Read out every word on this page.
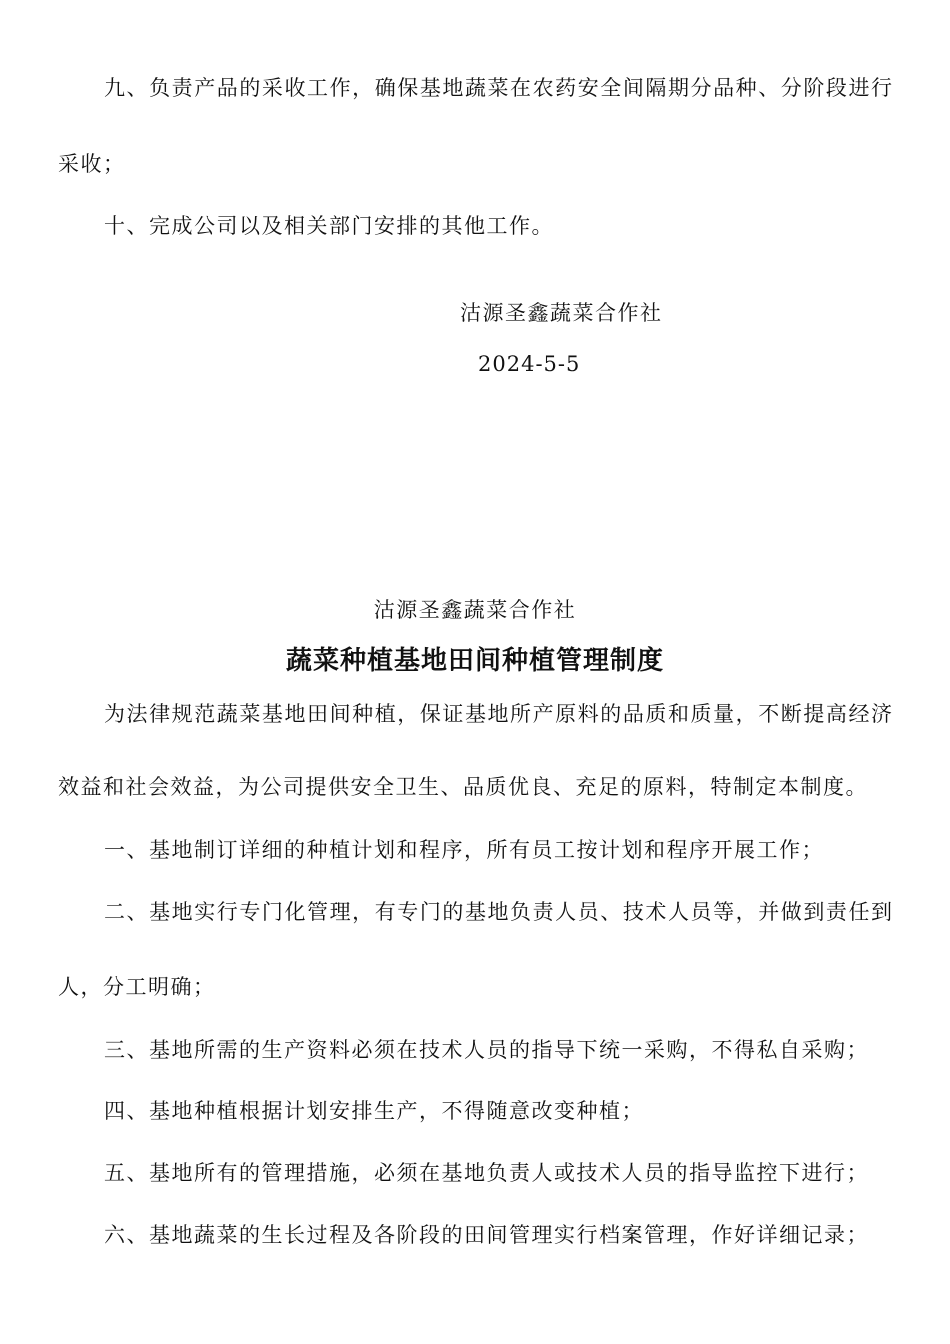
九、负责产品的采收工作，确保基地蔬菜在农药安全间隔期分品种、分阶段进行
采收；
十、完成公司以及相关部门安排的其他工作。
沽源圣鑫蔬菜合作社
2024-5-5
沽源圣鑫蔬菜合作社
蔬菜种植基地田间种植管理制度
为法律规范蔬菜基地田间种植，保证基地所产原料的品质和质量，不断提高经济
效益和社会效益，为公司提供安全卫生、品质优良、充足的原料，特制定本制度。
一、基地制订详细的种植计划和程序，所有员工按计划和程序开展工作；
二、基地实行专门化管理，有专门的基地负责人员、技术人员等，并做到责任到
人，分工明确；
三、基地所需的生产资料必须在技术人员的指导下统一采购，不得私自采购；
四、基地种植根据计划安排生产，不得随意改变种植；
五、基地所有的管理措施，必须在基地负责人或技术人员的指导监控下进行；
六、基地蔬菜的生长过程及各阶段的田间管理实行档案管理，作好详细记录；
